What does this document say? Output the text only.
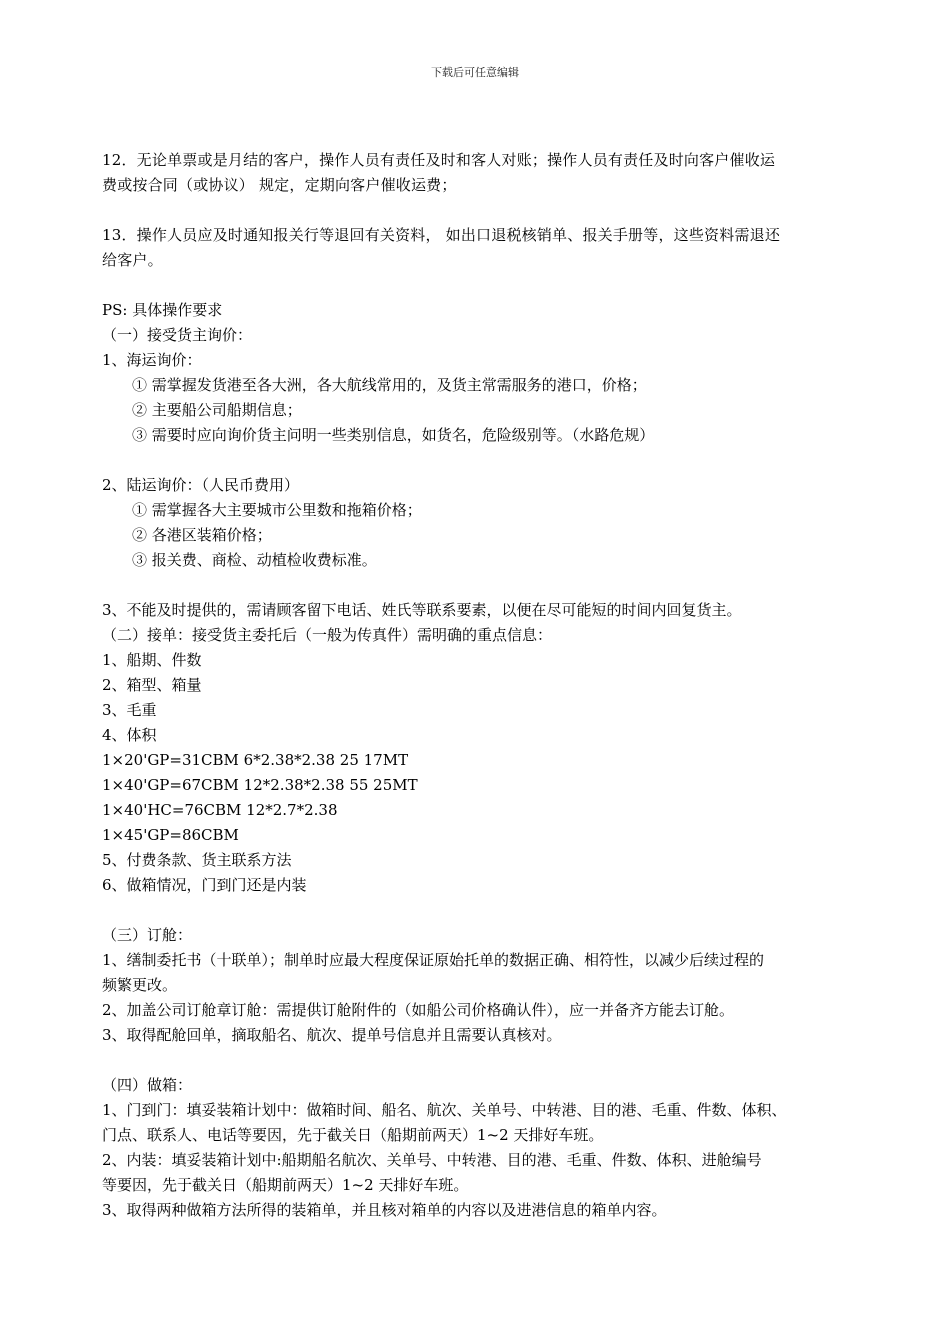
下载后可任意编辑
12．无论单票或是月结的客户，操作人员有责任及时和客人对账；操作人员有责任及时向客户催收运
费或按合同（或协议） 规定，定期向客户催收运费；
13．操作人员应及时通知报关行等退回有关资料， 如出口退税核销单、报关手册等，这些资料需退还
给客户。
PS: 具体操作要求
（一）接受货主询价：
1、海运询价：
① 需掌握发货港至各大洲，各大航线常用的，及货主常需服务的港口，价格；
② 主要船公司船期信息；
③ 需要时应向询价货主问明一些类别信息，如货名，危险级别等。（水路危规）
2、陆运询价：（人民币费用）
① 需掌握各大主要城市公里数和拖箱价格；
② 各港区装箱价格；
③ 报关费、商检、动植检收费标准。
3、不能及时提供的，需请顾客留下电话、姓氏等联系要素，以便在尽可能短的时间内回复货主。
（二）接单：接受货主委托后（一般为传真件）需明确的重点信息：
1、船期、件数
2、箱型、箱量
3、毛重
4、体积
1×20'GP=31CBM 6*2.38*2.38 25 17MT
1×40'GP=67CBM 12*2.38*2.38 55 25MT
1×40'HC=76CBM 12*2.7*2.38
1×45'GP=86CBM
5、付费条款、货主联系方法
6、做箱情况，门到门还是内装
（三）订舱：
1、缮制委托书（十联单）；制单时应最大程度保证原始托单的数据正确、相符性，以减少后续过程的
频繁更改。
2、加盖公司订舱章订舱：需提供订舱附件的（如船公司价格确认件），应一并备齐方能去订舱。
3、取得配舱回单，摘取船名、航次、提单号信息并且需要认真核对。
（四）做箱：
1、门到门：填妥装箱计划中：做箱时间、船名、航次、关单号、中转港、目的港、毛重、件数、体积、
门点、联系人、电话等要因，先于截关日（船期前两天）1~2 天排好车班。
2、内装：填妥装箱计划中:船期船名航次、关单号、中转港、目的港、毛重、件数、体积、进舱编号
等要因，先于截关日（船期前两天）1~2 天排好车班。
3、取得两种做箱方法所得的装箱单，并且核对箱单的内容以及进港信息的箱单内容。
